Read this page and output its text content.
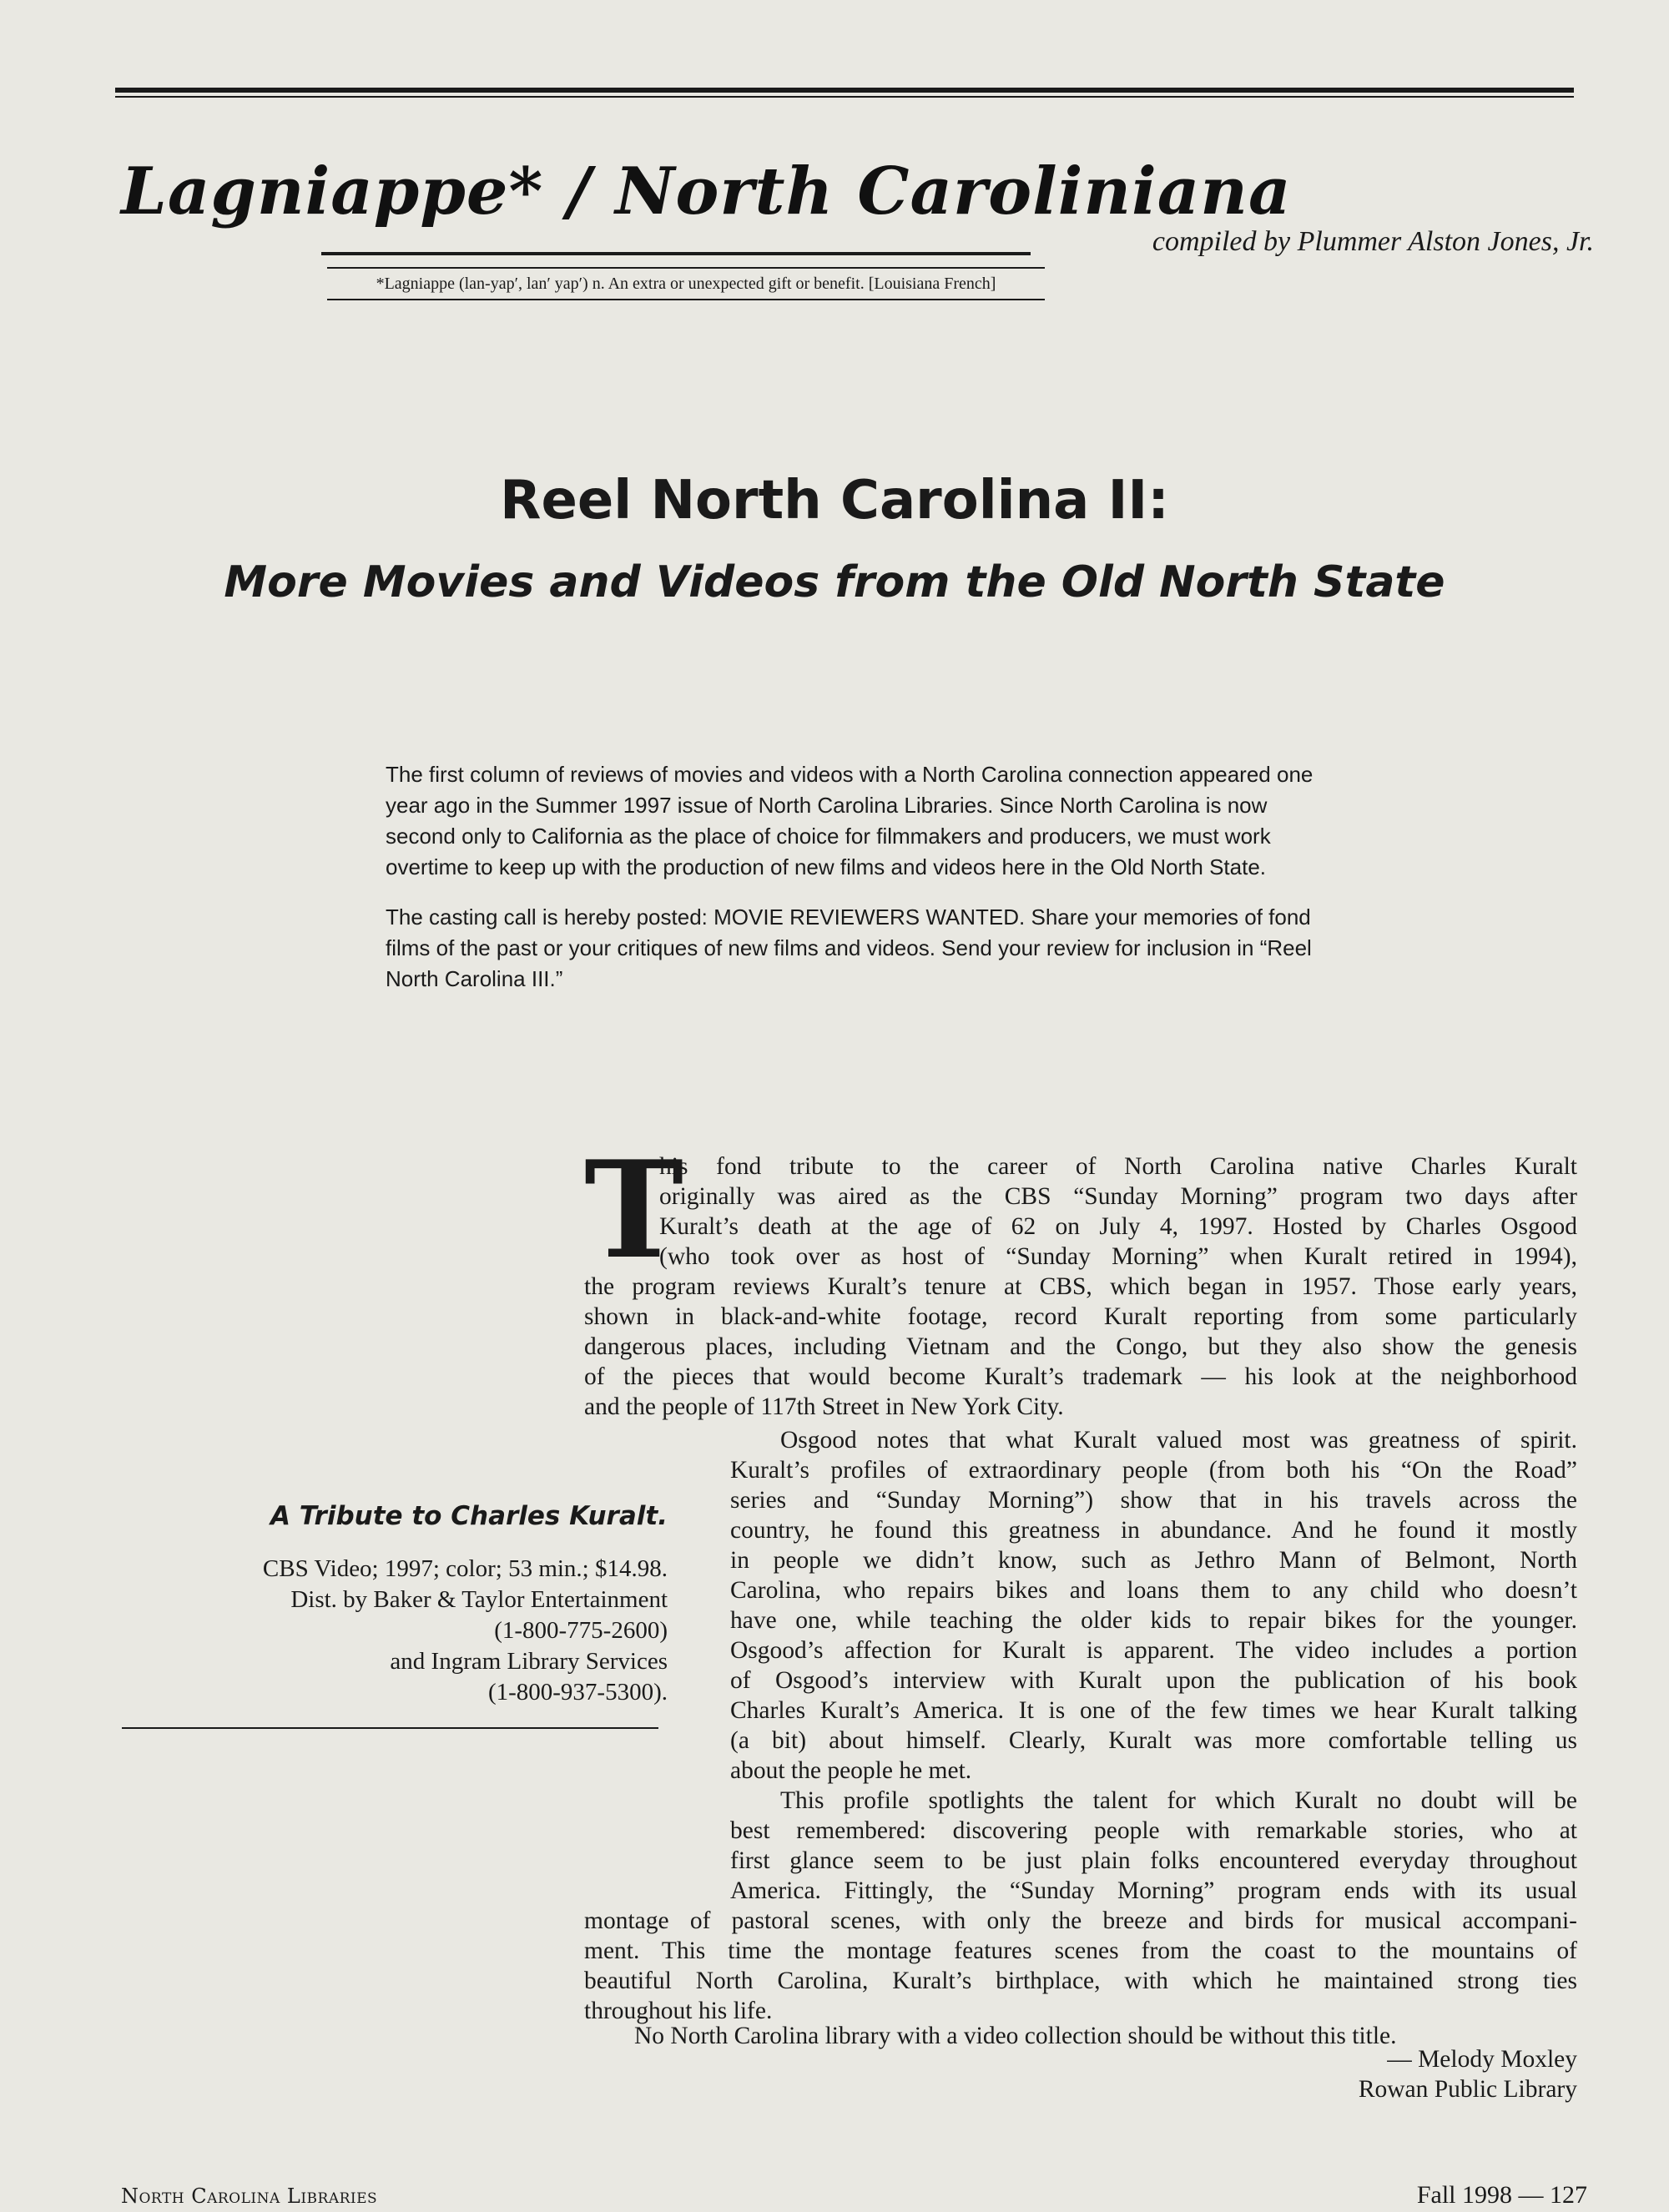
Lagniappe* / North Caroliniana
compiled by Plummer Alston Jones, Jr.
*Lagniappe (lan-yap′, lan′ yap′) n. An extra or unexpected gift or benefit. [Louisiana French]
Reel North Carolina II:
More Movies and Videos from the Old North State

The first column of reviews of movies and videos with a North Carolina connection appeared one year ago in the Summer 1997 issue of North Carolina Libraries. Since North Carolina is now second only to California as the place of choice for filmmakers and producers, we must work overtime to keep up with the production of new films and videos here in the Old North State.

The casting call is hereby posted: MOVIE REVIEWERS WANTED. Share your memories of fond films of the past or your critiques of new films and videos. Send your review for inclusion in “Reel North Carolina III.”

A Tribute to Charles Kuralt.
CBS Video; 1997; color; 53 min.; $14.98.
Dist. by Baker & Taylor Entertainment
(1-800-775-2600)
and Ingram Library Services
(1-800-937-5300).
T
his fond tribute to the career of North Carolina native Charles Kuralt
originally was aired as the CBS “Sunday Morning” program two days after
Kuralt’s death at the age of 62 on July 4, 1997. Hosted by Charles Osgood
(who took over as host of “Sunday Morning” when Kuralt retired in 1994),
the program reviews Kuralt’s tenure at CBS, which began in 1957. Those early years,
shown in black-and-white footage, record Kuralt reporting from some particularly
dangerous places, including Vietnam and the Congo, but they also show the genesis
of the pieces that would become Kuralt’s trademark — his look at the neighborhood
and the people of 117th Street in New York City.
Osgood notes that what Kuralt valued most was greatness of spirit.
Kuralt’s profiles of extraordinary people (from both his “On the Road”
series and “Sunday Morning”) show that in his travels across the
country, he found this greatness in abundance. And he found it mostly
in people we didn’t know, such as Jethro Mann of Belmont, North
Carolina, who repairs bikes and loans them to any child who doesn’t
have one, while teaching the older kids to repair bikes for the younger.
Osgood’s affection for Kuralt is apparent. The video includes a portion
of Osgood’s interview with Kuralt upon the publication of his book
Charles Kuralt’s America. It is one of the few times we hear Kuralt talking
(a bit) about himself. Clearly, Kuralt was more comfortable telling us
about the people he met.
This profile spotlights the talent for which Kuralt no doubt will be
best remembered: discovering people with remarkable stories, who at
first glance seem to be just plain folks encountered everyday throughout
America. Fittingly, the “Sunday Morning” program ends with its usual
montage of pastoral scenes, with only the breeze and birds for musical accompani-
ment. This time the montage features scenes from the coast to the mountains of
beautiful North Carolina, Kuralt’s birthplace, with which he maintained strong ties
throughout his life.
No North Carolina library with a video collection should be without this title.
— Melody Moxley
Rowan Public Library
North Carolina Libraries	Fall 1998 — 127
